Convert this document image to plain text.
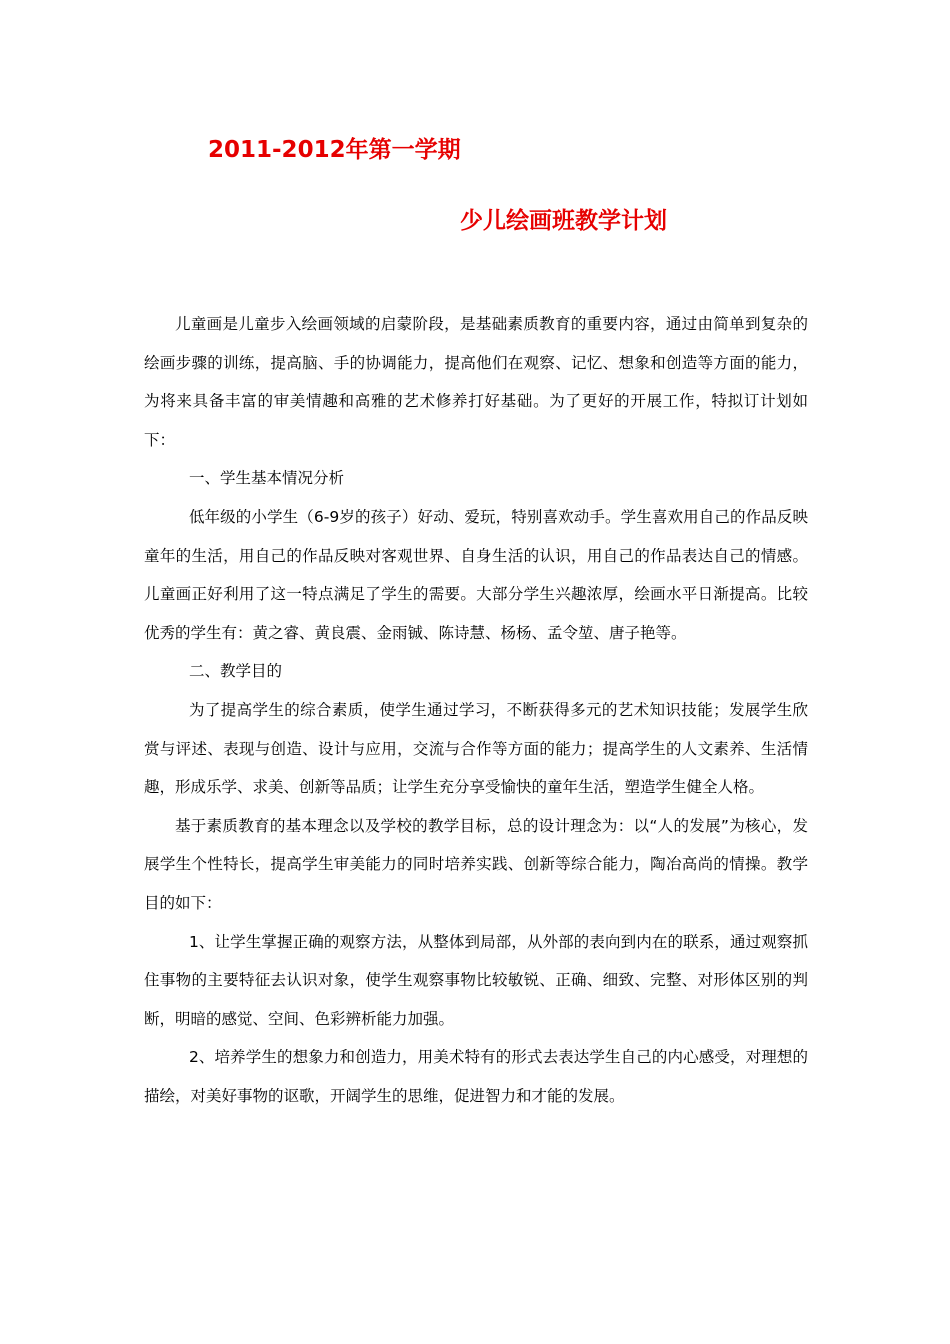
2011-2012年第一学期
少儿绘画班教学计划

儿童画是儿童步入绘画领域的启蒙阶段，是基础素质教育的重要内容，通过由简单到复杂的绘画步骤的训练，提高脑、手的协调能力，提高他们在观察、记忆、想象和创造等方面的能力，为将来具备丰富的审美情趣和高雅的艺术修养打好基础。为了更好的开展工作，特拟订计划如下：

一、学生基本情况分析

低年级的小学生（6-9岁的孩子）好动、爱玩，特别喜欢动手。学生喜欢用自己的作品反映童年的生活，用自己的作品反映对客观世界、自身生活的认识，用自己的作品表达自己的情感。儿童画正好利用了这一特点满足了学生的需要。大部分学生兴趣浓厚，绘画水平日渐提高。比较优秀的学生有：黄之睿、黄良震、金雨铖、陈诗慧、杨杨、孟令堃、唐子艳等。

二、教学目的

为了提高学生的综合素质，使学生通过学习，不断获得多元的艺术知识技能；发展学生欣赏与评述、表现与创造、设计与应用，交流与合作等方面的能力；提高学生的人文素养、生活情趣，形成乐学、求美、创新等品质；让学生充分享受愉快的童年生活，塑造学生健全人格。

基于素质教育的基本理念以及学校的教学目标，总的设计理念为：以“人的发展”为核心，发展学生个性特长，提高学生审美能力的同时培养实践、创新等综合能力，陶冶高尚的情操。教学目的如下：

1、让学生掌握正确的观察方法，从整体到局部，从外部的表向到内在的联系，通过观察抓住事物的主要特征去认识对象，使学生观察事物比较敏锐、正确、细致、完整、对形体区别的判断，明暗的感觉、空间、色彩辨析能力加强。

2、培养学生的想象力和创造力，用美术特有的形式去表达学生自己的内心感受，对理想的描绘，对美好事物的讴歌，开阔学生的思维，促进智力和才能的发展。
